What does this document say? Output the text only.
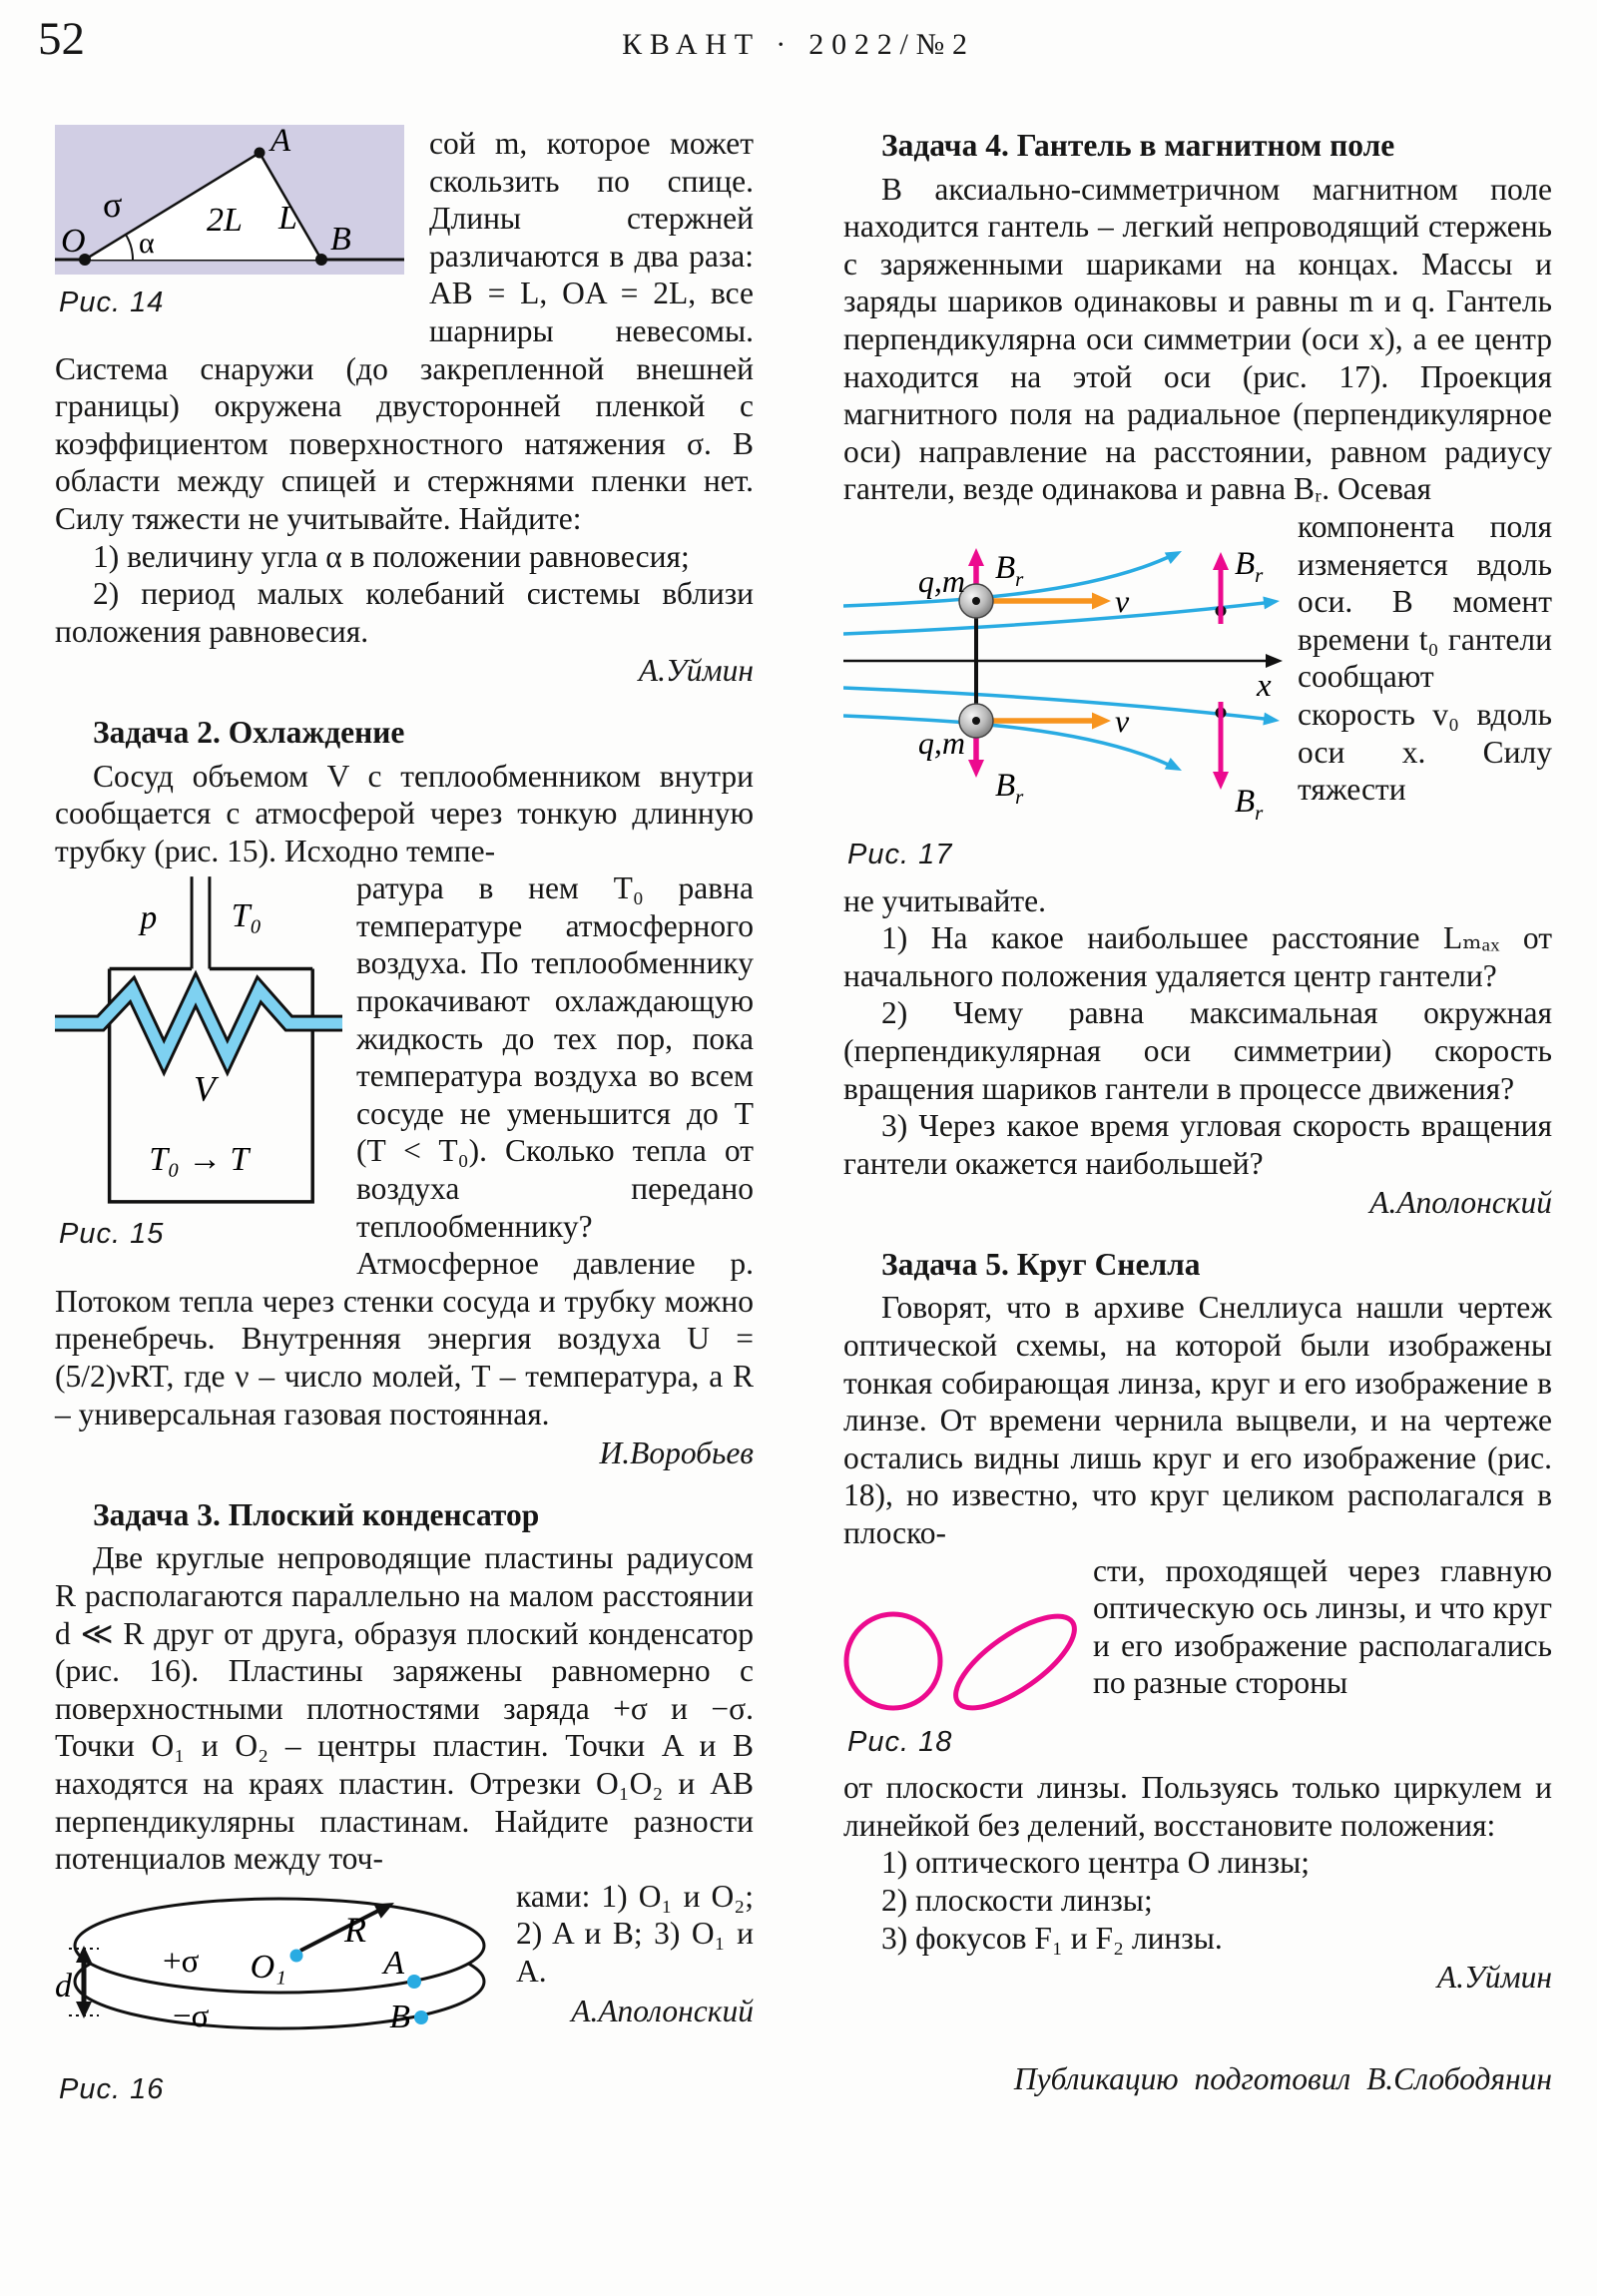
52	КВАНТ · 2022/№2
σ
A
2L L
O α	B
Рис. 14

сой m, которое может скользить по спице. Длины стержней различаются в два раза: AB = L, OA = 2L, все шарниры невесомы. Система снаружи (до закрепленной внешней границы) окружена двусторонней пленкой с коэффициентом поверхностного натяжения σ. В области между спицей и стержнями пленки нет. Силу тяжести не учитывайте. Найдите:

1) величину угла α в положении равновесия;

2) период малых колебаний системы вблизи положения равновесия.

А.Уймин

Задача 2. Охлаждение

Сосуд объемом V с теплообменником внутри сообщается с атмосферой через тонкую длинную трубку (рис. 15). Исходно темпе-

p T₀
V
T₀ → T
Рис. 15

ратура в нем T₀ равна температуре атмосферного воздуха. По теплообменнику прокачивают охлаждающую жидкость до тех пор, пока температура воздуха во всем сосуде не уменьшится до T (T < T₀). Сколько тепла от воздуха передано теплообменнику? Атмосферное давление p. Потоком тепла через стенки сосуда и трубку можно пренебречь. Внутренняя энергия воздуха U = (5/2)νRT, где ν – число молей, T – температура, а R – универсальная газовая постоянная.

И.Воробьев

Задача 3. Плоский конденсатор

Две круглые непроводящие пластины радиусом R располагаются параллельно на малом расстоянии d ≪ R друг от друга, образуя плоский конденсатор (рис. 16). Пластины заряжены равномерно с поверхностными плотностями заряда +σ и −σ. Точки O₁ и O₂ – центры пластин. Точки A и B находятся на краях пластин. Отрезки O₁O₂ и AB перпендикулярны пластинам. Найдите разности потенциалов между точ-

d
+σ
−σ
O₁
R
A
B
Рис. 16

ками: 1) O₁ и O₂; 2) A и B; 3) O₁ и A.

А.Аполонский

Задача 4. Гантель в магнитном поле

В аксиально-симметричном магнитном поле находится гантель – легкий непроводящий стержень с заряженными шариками на концах. Массы и заряды шариков одинаковы и равны m и q. Гантель перпендикулярна оси симметрии (оси x), а ее центр находится на этой оси (рис. 17). Проекция магнитного поля на радиальное (перпендикулярное оси) направление на расстоянии, равном радиусу гантели, везде одинакова и равна Bᵣ. Осевая

q,m
q,m
$B_r$
$B_r$
$B_r$
$B_r$
v
v
x
Рис. 17

компонента поля изменяется вдоль оси. В момент времени t₀ гантели сообщают скорость v₀ вдоль оси x. Силу тяжести

не учитывайте.

1) На какое наибольшее расстояние Lₘₐₓ от начального положения удаляется центр гантели?

2) Чему равна максимальная окружная (перпендикулярная оси симметрии) скорость вращения шариков гантели в процессе движения?

3) Через какое время угловая скорость вращения гантели окажется наибольшей?

А.Аполонский

Задача 5. Круг Снелла

Говорят, что в архиве Снеллиуса нашли чертеж оптической схемы, на которой были изображены тонкая собирающая линза, круг и его изображение в линзе. От времени чернила выцвели, и на чертеже остались видны лишь круг и его изображение (рис. 18), но известно, что круг целиком располагался в плоско-

Рис. 18

сти, проходящей через главную оптическую ось линзы, и что круг и его изображение располагались по разные стороны

от плоскости линзы. Пользуясь только циркулем и линейкой без делений, восстановите положения:

1) оптического центра O линзы;

2) плоскости линзы;

3) фокусов F₁ и F₂ линзы.

А.Уймин

Публикацию подготовил В.Слободянин
